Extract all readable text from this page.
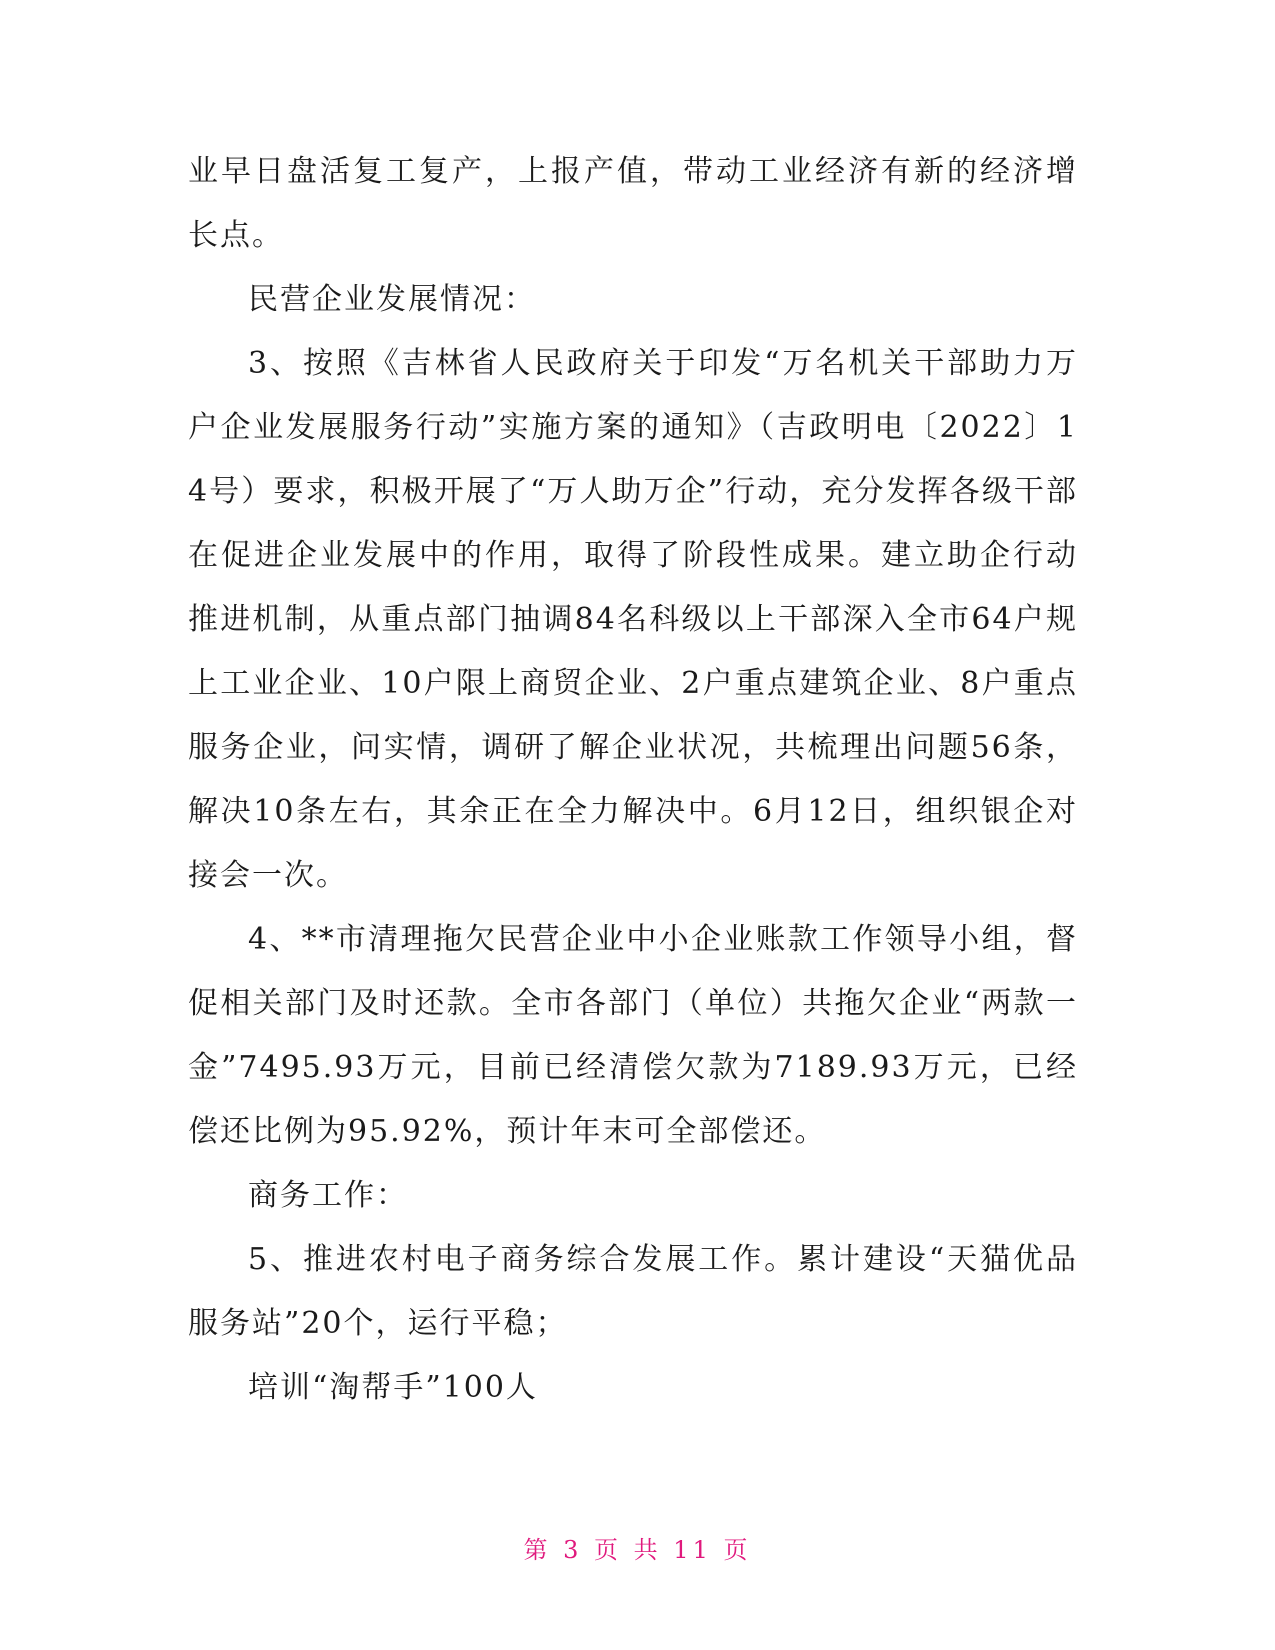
业早日盘活复工复产，上报产值，带动工业经济有新的经济增长点。

民营企业发展情况：

3、按照《吉林省人民政府关于印发“万名机关干部助力万户企业发展服务行动”实施方案的通知》（吉政明电〔2022〕14号）要求，积极开展了“万人助万企”行动，充分发挥各级干部在促进企业发展中的作用，取得了阶段性成果。建立助企行动推进机制，从重点部门抽调84名科级以上干部深入全市64户规上工业企业、10户限上商贸企业、2户重点建筑企业、8户重点服务企业，问实情，调研了解企业状况，共梳理出问题56条，解决10条左右，其余正在全力解决中。6月12日，组织银企对接会一次。

4、**市清理拖欠民营企业中小企业账款工作领导小组，督促相关部门及时还款。全市各部门（单位）共拖欠企业“两款一金”7495.93万元，目前已经清偿欠款为7189.93万元，已经偿还比例为95.92%，预计年末可全部偿还。

商务工作：

5、推进农村电子商务综合发展工作。累计建设“天猫优品服务站”20个，运行平稳；

培训“淘帮手”100人

第 3 页 共 11 页
